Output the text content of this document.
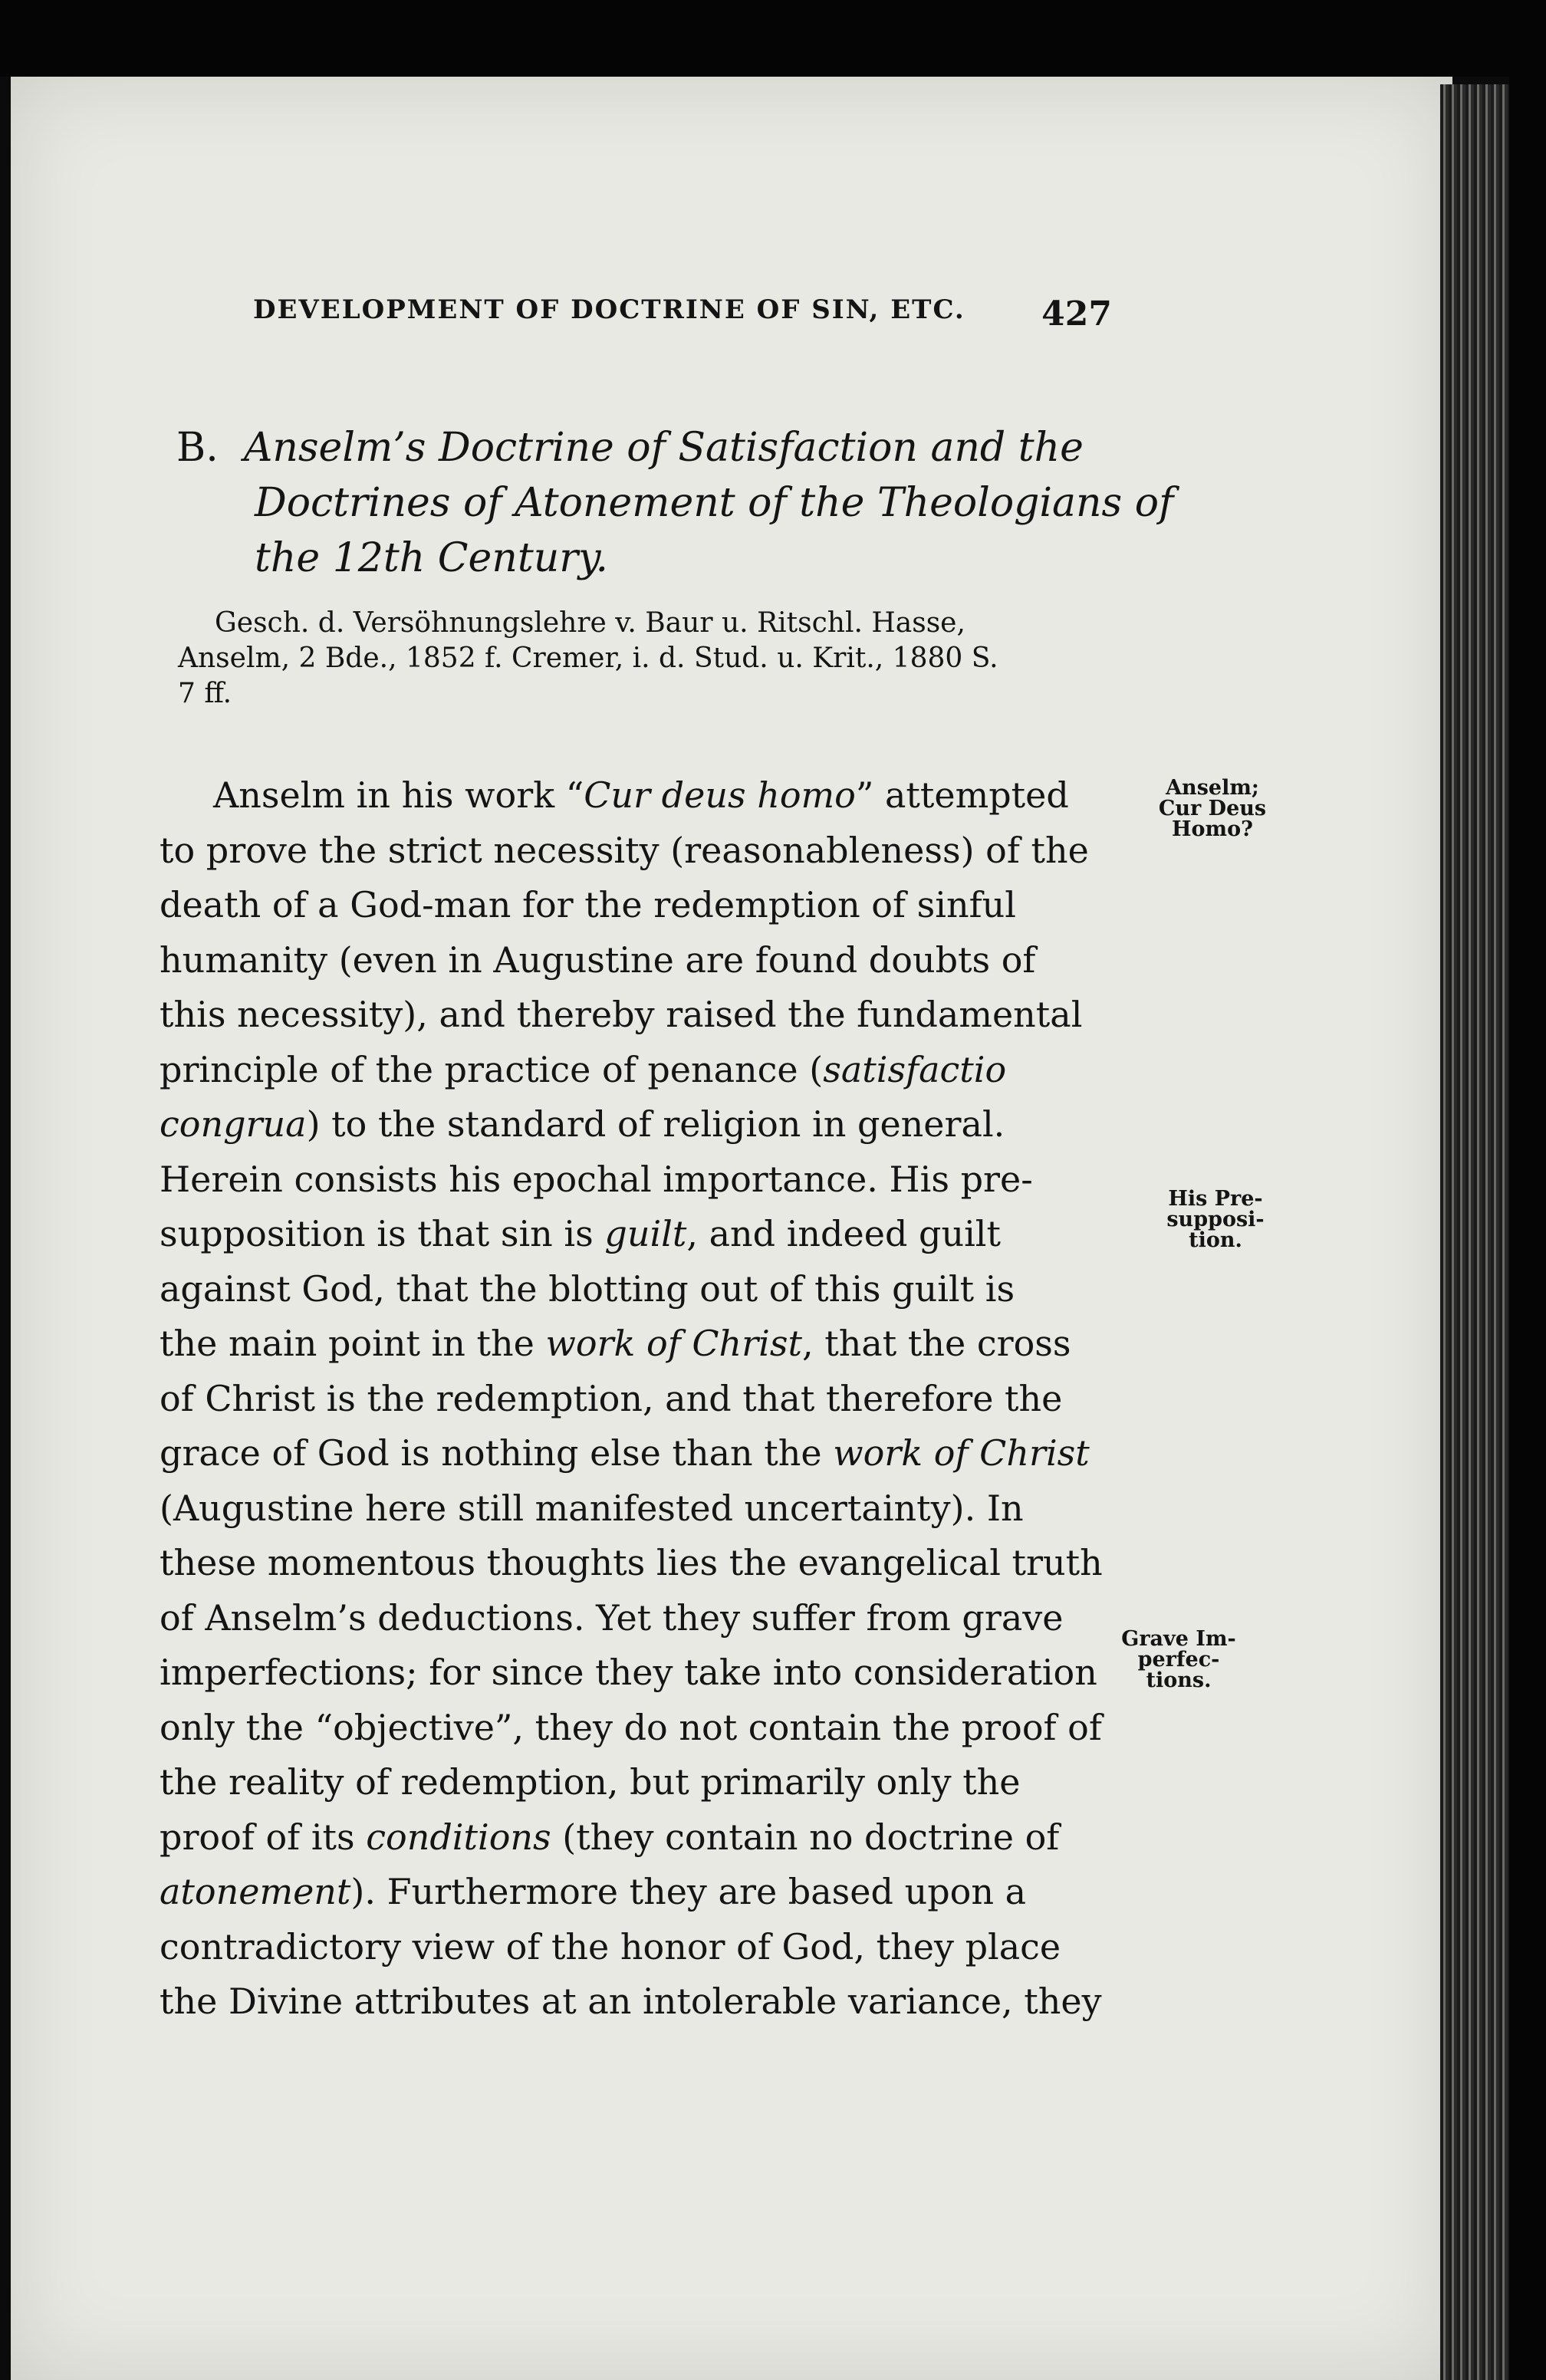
DEVELOPMENT OF DOCTRINE OF SIN, ETC. 427
B. Anselm’s Doctrine of Satisfaction and the
Doctrines of Atonement of the Theologians of
the 12th Century.
Gesch. d. Versöhnungslehre v. Baur u. Ritschl. Hasse,
Anselm, 2 Bde., 1852 f. Cremer, i. d. Stud. u. Krit., 1880 S.
7 ff.
Anselm in his work “Cur deus homo” attempted
to prove the strict necessity (reasonableness) of the
death of a God-man for the redemption of sinful
humanity (even in Augustine are found doubts of
this necessity), and thereby raised the fundamental
principle of the practice of penance (satisfactio
congrua) to the standard of religion in general.
Herein consists his epochal importance. His pre-
supposition is that sin is guilt, and indeed guilt
against God, that the blotting out of this guilt is
the main point in the work of Christ, that the cross
of Christ is the redemption, and that therefore the
grace of God is nothing else than the work of Christ
(Augustine here still manifested uncertainty). In
these momentous thoughts lies the evangelical truth
of Anselm’s deductions. Yet they suffer from grave
imperfections; for since they take into consideration
only the “objective”, they do not contain the proof of
the reality of redemption, but primarily only the
proof of its conditions (they contain no doctrine of
atonement). Furthermore they are based upon a
contradictory view of the honor of God, they place
the Divine attributes at an intolerable variance, they
Anselm;
Cur Deus
Homo?
His Pre-
supposi-
tion.
Grave Im-
perfec-
tions.
